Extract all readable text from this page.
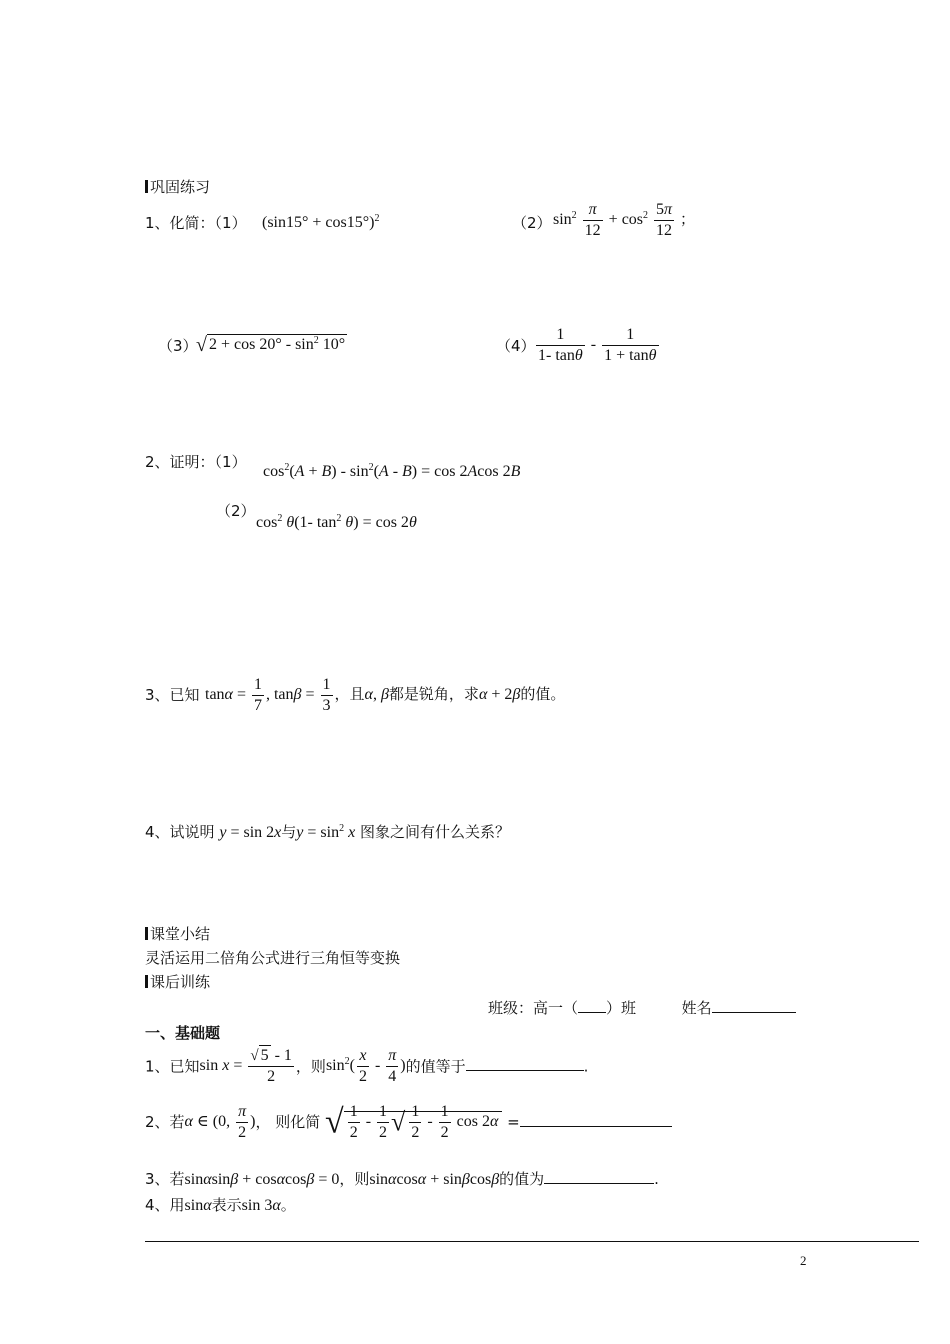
巩固练习
1、化简：（1） $(\sin 15^\circ + \cos 15^\circ)^2$	（2） $\sin^2 \frac{\pi}{12} + \cos^2 \frac{5\pi}{12}$ ；
（3）
√ $2 + \cos 20^\circ - \sin^2 10^\circ$	$(4) \frac{1}{1- \tan\theta} - \frac{1}{1 + \tan\theta}$
2、证明：（1）
$\cos^2(A + B) - \sin^2(A - B) = \cos 2Acos$ 2B
（2）
$\cos^2 \theta(1-$ $\tan^2 \theta) = \cos 2\theta$
3、已知 $\tan\alpha = \frac{1}{7}$ , $\tan\beta = \frac{1}{3}$ ，且α, β都是锐角，求α + 2β的值。
4、试说明 y = sin 2x与$y = \sin^2 x$ 图象之间有什么关系？
课堂小结
灵活运用二倍角公式进行三角恒等变换
课后训练
班级：高一（ ）班	姓名
一、基础题
1、已知$\sin x = \frac{√ 5 - 1}{2}$ ，则$\sin^2( \frac{x}{2} - \frac{\pi}{4}$ )的值等于	.
2、若α ∈ (0, $\frac{\pi}{2}$ )， 则化简 √ $\frac{1}{2} - \frac{1}{2}$ √ $\frac{1}{2} - \frac{1}{2}$ cos 2α =
3、若sinαsinβ + cosαcosβ = 0，则sinαcosα + sinβcosβ的值为	.
4、用sinα表示sin 3α。
2
